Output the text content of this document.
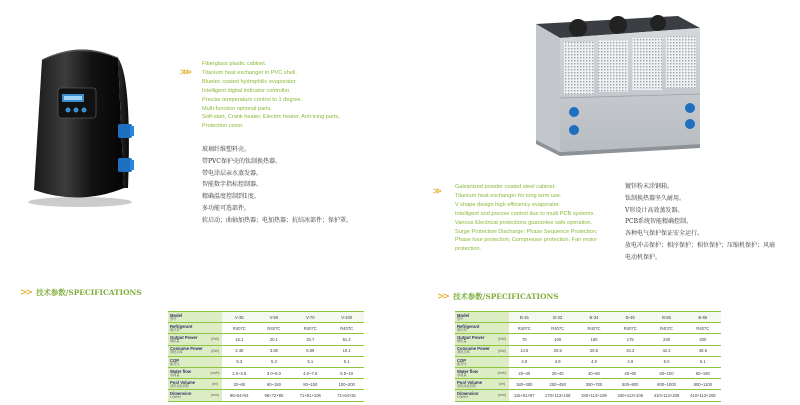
>>>
Fiberglass plastic cabinet.
Titanium heat exchanger in PVC shell.
Bluetec coated hydrophilic evaporator.
Intelligent digital indicator controller.
Precise temperature control to 1 degree.
Multi-function optional parts.
Soft-start, Crank heater, Electric heater, Anti-icing parts,
Protection cover.
玻璃纤维塑料壳。
带PVC保护壳的钛制换热器。
带电涂层亲水蒸发器。
智能数字指标控制器。
精确温度控制到1度。
多功能可选部件。
软启动；曲轴加热器；电加热器；抗结冰部件；保护罩。
>>	Galvanized powder coated steel cabinet.
Titanium heat exchanger for long term use.
V shape design high efficiency evaporator.
Intelligent and precise control due to multi PCB systems.
Various Electrical protections guarantee safe operation.
Surge Protection Discharge; Phase Sequence Protection;
Phase lose protection; Compressor protection; Fan motor
protection.
镀锌粉末涂钢箱。
钛制换热器坚久耐用。
V形设计高效蒸发器。
PCB系统智能精确控制。
各种电气保护保证安全运行。
放电冲击保护；相序保护；相位保护；压缩机保护；风扇
电动机保护。
>> 技术参数/SPECIFICATIONS	>> 技术参数/SPECIFICATIONS
Model
型号		V-35	V-50	V-70	V-100
Refrigerant
制冷剂		R407C	R407C	R407C	R407C
Output Power
制热量	(KW)	15.1	20.1	33.7	51.2
Consume Power
消耗功率	(KW)	2.48	3.80	6.59	10.1
COP
能效比		5.3	5.3	5.1	5.1
Water flow
水流量	(m³/h)	1.0~3.5	3.0~6.0	4.0~7.6	5.5~10
Pool Volume
适用泳池容积	(m³)	30~60	60~150	80~150	100~200
Dimension
L×W×H	(mm)	96×64×81	96×72×90	71×81×106	71×64×81
Model
型号		B-15	B-33	B-34	B-45	B-55	B-65
Refrigerant
制冷剂		R407C	R407C	R407C	R407C	R407C	R407C
Output Power
制热量	(KW)	70	100	150	175	230	200
Consume Power
消耗功率	(KW)	14.5	20.5	28.6	34.2	42.2	48.5
COP
能效比		4.8	4.9	4.9	4.9	5.0	5.1
Water flow
水流量	(m³/h)	20~40	20~40	40~60	40~60	60~100	60~150
Pool Volume
适用泳池容积	(m³)	180~300	250~450	350~700	500~800	600~1000	800~1100
Dimension
L×W×H	(mm)	115×61×97	170×113×108	340×113×108	340×113×108	410×113×208	410×113×208
